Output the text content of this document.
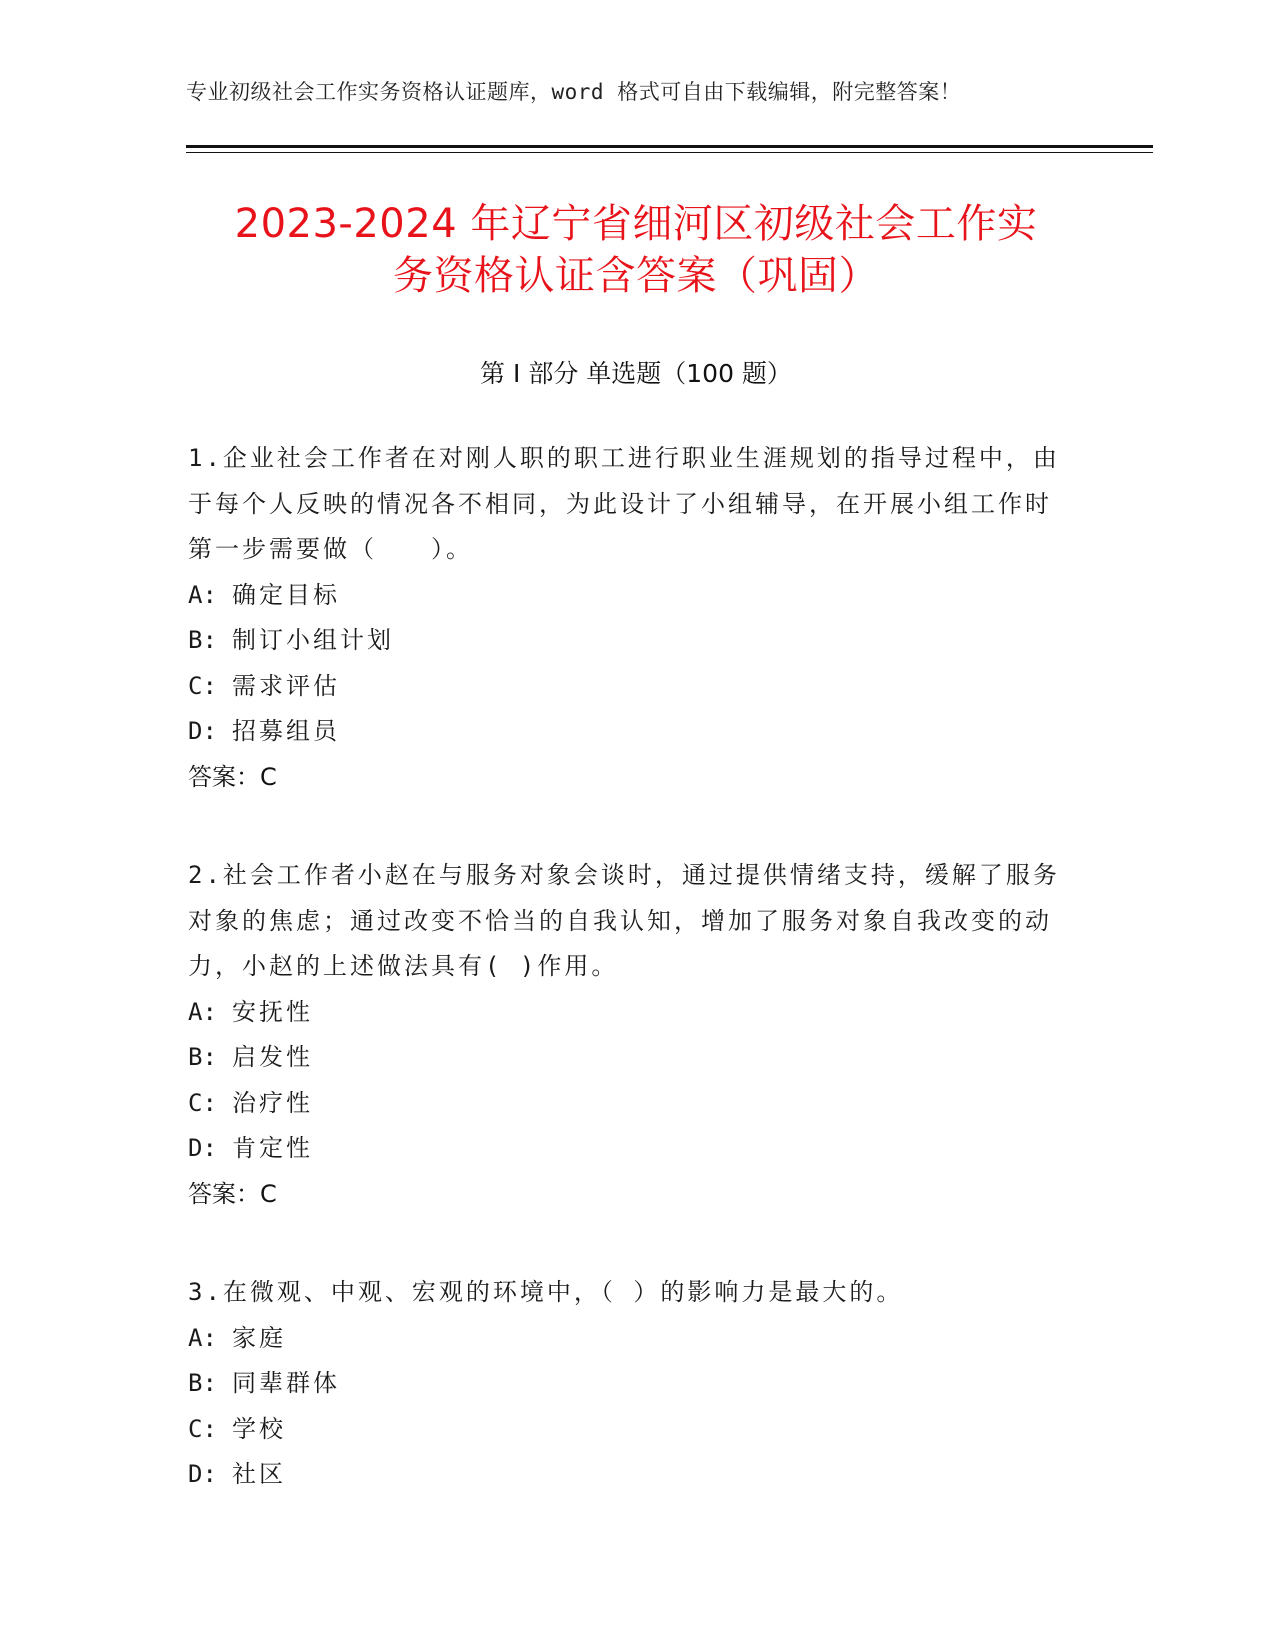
专业初级社会工作实务资格认证题库，word 格式可自由下载编辑，附完整答案！
2023-2024 年辽宁省细河区初级社会工作实
务资格认证含答案（巩固）
第 I 部分 单选题（100 题）
1.企业社会工作者在对刚人职的职工进行职业生涯规划的指导过程中，由于每个人反映的情况各不相同，为此设计了小组辅导，在开展小组工作时第一步需要做（　　）。
A: 确定目标
B: 制订小组计划
C: 需求评估
D: 招募组员
答案：C
2.社会工作者小赵在与服务对象会谈时，通过提供情绪支持，缓解了服务对象的焦虑；通过改变不恰当的自我认知，增加了服务对象自我改变的动力，小赵的上述做法具有( )作用。
A: 安抚性
B: 启发性
C: 治疗性
D: 肯定性
答案：C
3.在微观、中观、宏观的环境中，（ ）的影响力是最大的。
A: 家庭
B: 同辈群体
C: 学校
D: 社区
